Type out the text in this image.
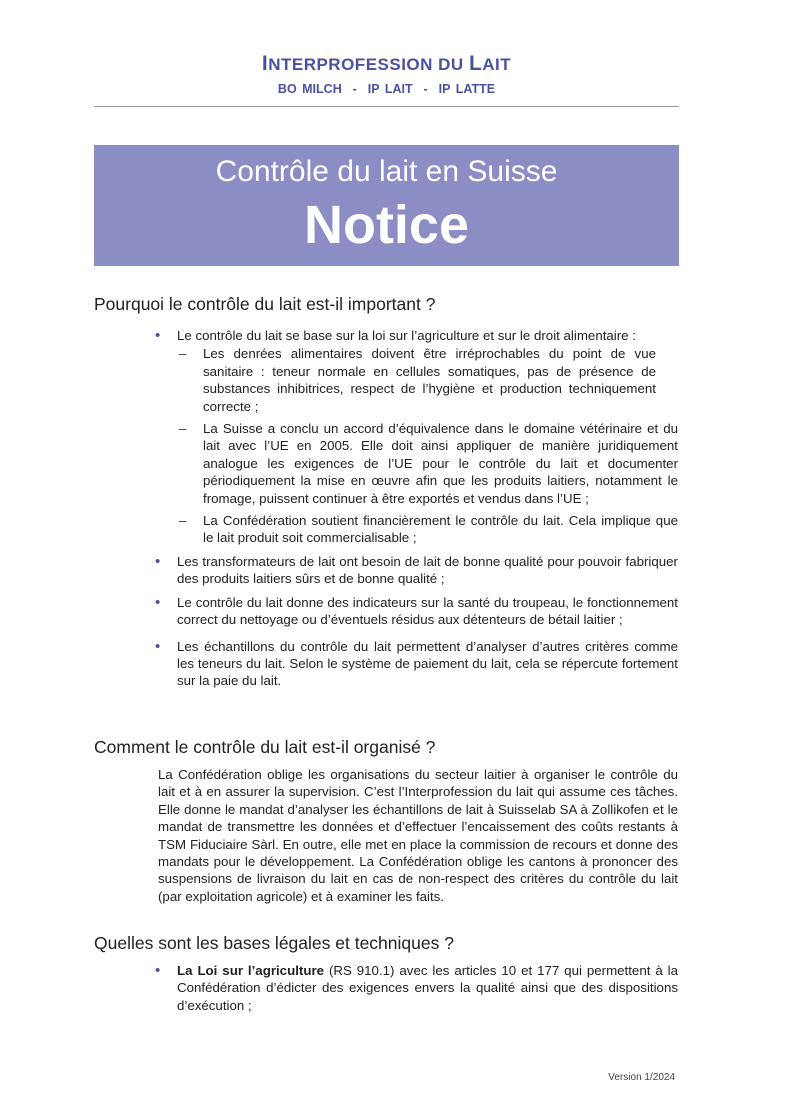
INTERPROFESSION DU LAIT
BO MILCH  -  IP LAIT  -  IP LATTE
Contrôle du lait en Suisse
Notice
Pourquoi le contrôle du lait est-il important ?
• Le contrôle du lait se base sur la loi sur l’agriculture et sur le droit alimentaire :
– Les denrées alimentaires doivent être irréprochables du point de vue sanitaire : teneur normale en cellules somatiques, pas de présence de substances inhibitrices, respect de l’hygiène et production techniquement correcte ;
– La Suisse a conclu un accord d’équivalence dans le domaine vétérinaire et du lait avec l’UE en 2005. Elle doit ainsi appliquer de manière juridiquement analogue les exigences de l’UE pour le contrôle du lait et documenter périodiquement la mise en œuvre afin que les produits laitiers, notamment le fromage, puissent continuer à être exportés et vendus dans l’UE ;
– La Confédération soutient financièrement le contrôle du lait. Cela implique que le lait produit soit commercialisable ;
• Les transformateurs de lait ont besoin de lait de bonne qualité pour pouvoir fabriquer des produits laitiers sûrs et de bonne qualité ;
• Le contrôle du lait donne des indicateurs sur la santé du troupeau, le fonctionnement correct du nettoyage ou d’éventuels résidus aux détenteurs de bétail laitier ;
• Les échantillons du contrôle du lait permettent d’analyser d’autres critères comme les teneurs du lait. Selon le système de paiement du lait, cela se répercute fortement sur la paie du lait.
Comment le contrôle du lait est-il organisé ?
La Confédération oblige les organisations du secteur laitier à organiser le contrôle du lait et à en assurer la supervision. C’est l’Interprofession du lait qui assume ces tâches. Elle donne le mandat d’analyser les échantillons de lait à Suisselab SA à Zollikofen et le mandat de transmettre les données et d’effectuer l’encaissement des coûts restants à TSM Fiduciaire Sàrl. En outre, elle met en place la commission de recours et donne des mandats pour le développement. La Confédération oblige les cantons à prononcer des suspensions de livraison du lait en cas de non-respect des critères du contrôle du lait (par exploitation agricole) et à examiner les faits.
Quelles sont les bases légales et techniques ?
• La Loi sur l’agriculture (RS 910.1) avec les articles 10 et 177 qui permettent à la Confédération d’édicter des exigences envers la qualité ainsi que des dispositions d’exécution ;
Version 1/2024
